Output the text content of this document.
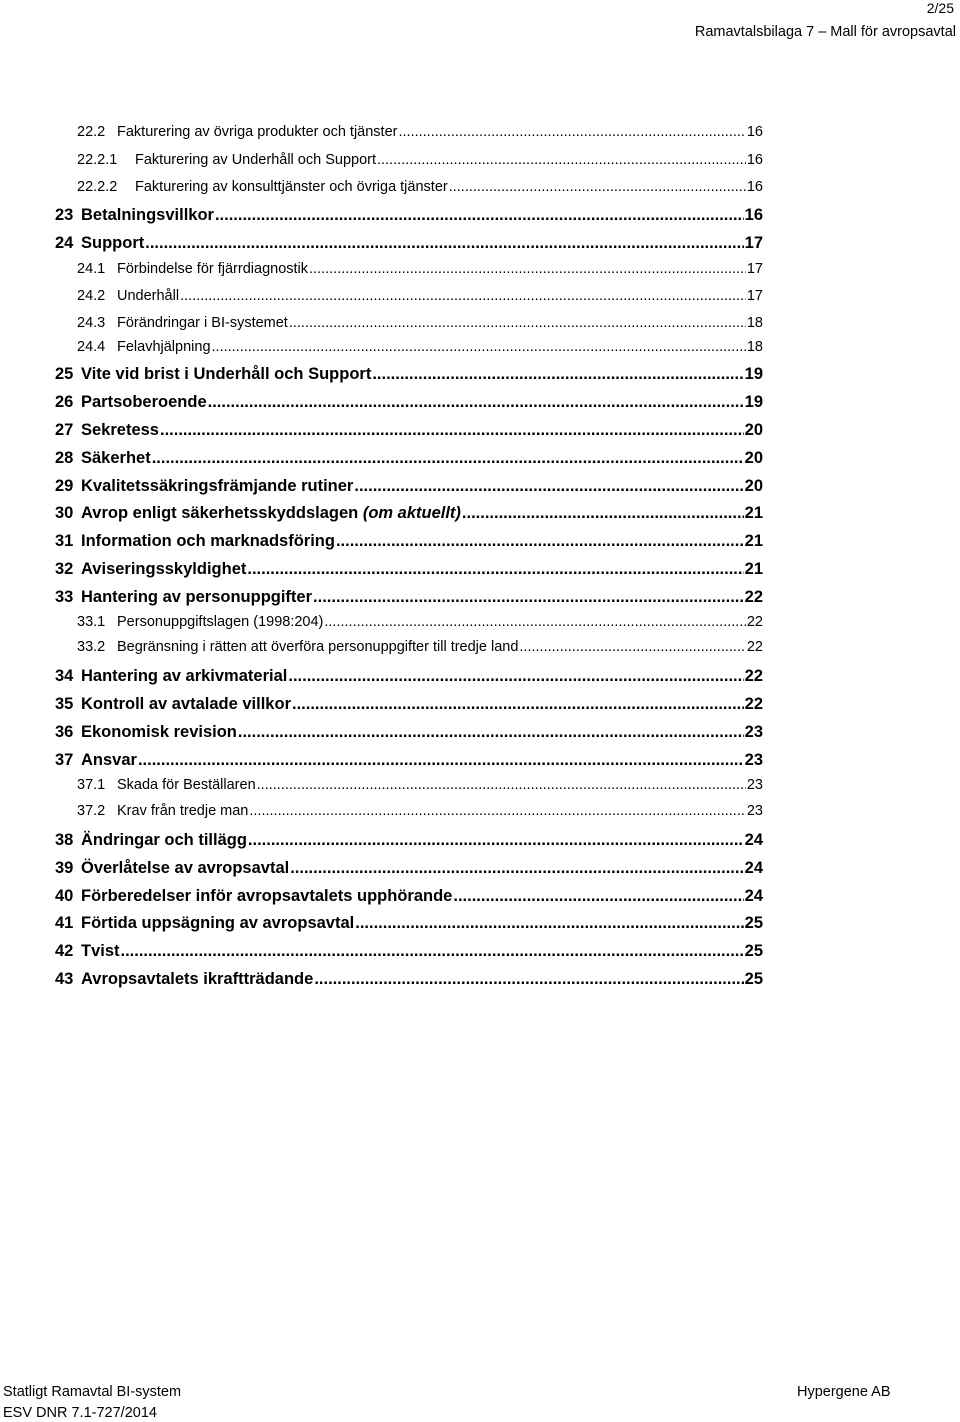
2/25
Ramavtalsbilaga 7 – Mall för avropsavtal
22.2 Fakturering av övriga produkter och tjänster .....	16
22.2.1	Fakturering av Underhåll och Support .....	16
22.2.2	Fakturering av konsulttjänster och övriga tjänster .....	16
23 Betalningsvillkor .....	16
24 Support .....	17
24.1 Förbindelse för fjärrdiagnostik .....	17
24.2 Underhåll .....	17
24.3 Förändringar i BI-systemet .....	18
24.4 Felavhjälpning .....	18
25 Vite vid brist i Underhåll och Support .....	19
26 Partsoberoende .....	19
27 Sekretess .....	20
28 Säkerhet .....	20
29 Kvalitetssäkringsfrämjande rutiner .....	20
30 Avrop enligt säkerhetsskyddslagen (om aktuellt) .....	21
31 Information och marknadsföring .....	21
32 Aviseringsskyldighet .....	21
33 Hantering av personuppgifter .....	22
33.1 Personuppgiftslagen (1998:204) .....	22
33.2 Begränsning i rätten att överföra personuppgifter till tredje land .....	22
34 Hantering av arkivmaterial .....	22
35 Kontroll av avtalade villkor .....	22
36 Ekonomisk revision .....	23
37 Ansvar .....	23
37.1 Skada för Beställaren .....	23
37.2 Krav från tredje man .....	23
38 Ändringar och tillägg .....	24
39 Överlåtelse av avropsavtal .....	24
40 Förberedelser inför avropsavtalets upphörande .....	24
41 Förtida uppsägning av avropsavtal .....	25
42 Tvist .....	25
43 Avropsavtalets ikraftträdande .....	25
Statligt Ramavtal BI-system
ESV DNR 7.1-727/2014
Hypergene AB
